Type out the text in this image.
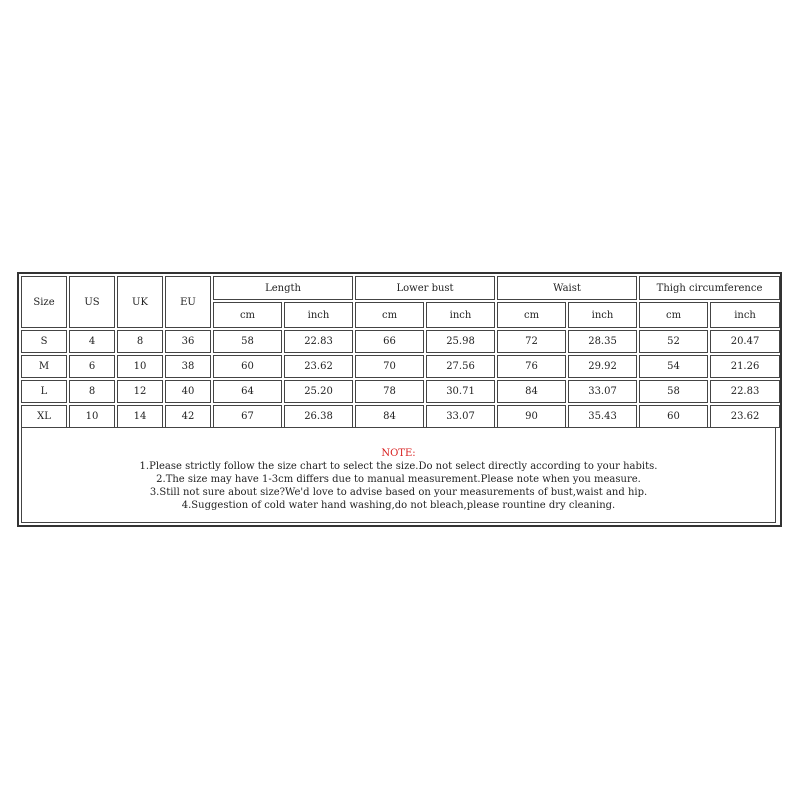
Size	US	UK	EU	Length		Lower bust		Waist		Thigh circumference	
				cm	inch	cm	inch	cm	inch	cm	inch
S	4	8	36	58	22.83	66	25.98	72	28.35	52	20.47
M	6	10	38	60	23.62	70	27.56	76	29.92	54	21.26
L	8	12	40	64	25.20	78	30.71	84	33.07	58	22.83
XL	10	14	42	67	26.38	84	33.07	90	35.43	60	23.62
NOTE:
1.Please strictly follow the size chart to select the size.Do not select directly according to your habits.
2.The size may have 1-3cm differs due to manual measurement.Please note when you measure.
3.Still not sure about size?We'd love to advise based on your measurements of bust,waist and hip.
4.Suggestion of cold water hand washing,do not bleach,please rountine dry cleaning.
